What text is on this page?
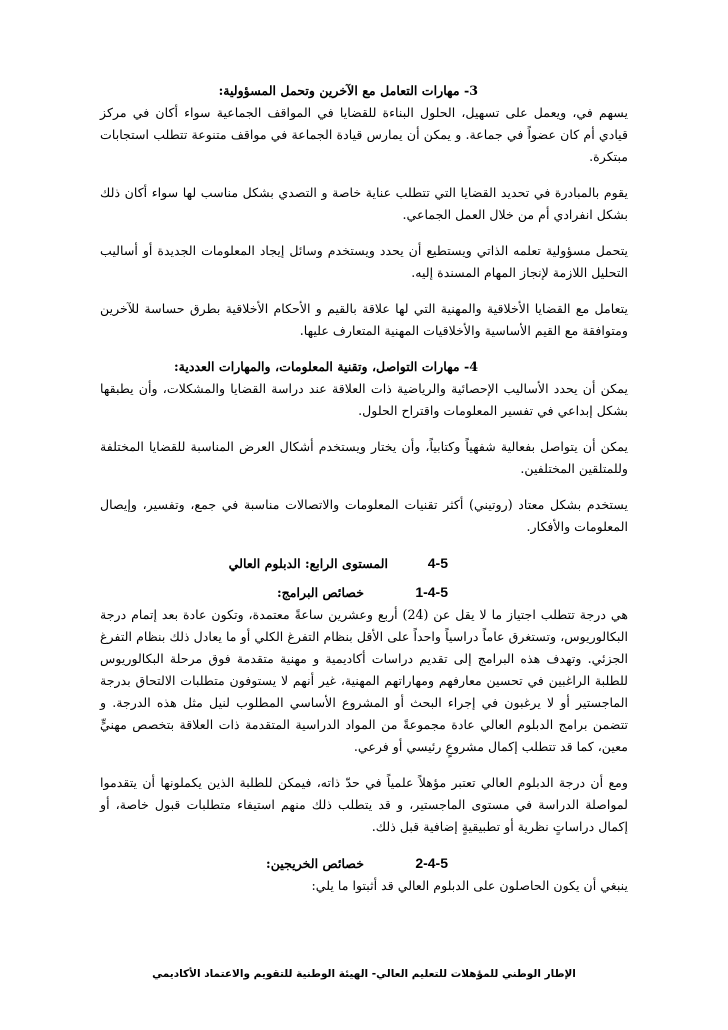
3- مهارات التعامل مع الآخرين وتحمل المسؤولية:

يسهم في، ويعمل على تسهيل، الحلول البناءة للقضايا في المواقف الجماعية سواء أكان في مركز قيادي أم كان عضواً في جماعة. و يمكن أن يمارس قيادة الجماعة في مواقف متنوعة تتطلب استجابات مبتكرة.

يقوم بالمبادرة في تحديد القضايا التي تتطلب عناية خاصة و التصدي بشكل مناسب لها سواء أكان ذلك بشكل انفرادي أم من خلال العمل الجماعي.

يتحمل مسؤولية تعلمه الذاتي ويستطيع أن يحدد ويستخدم وسائل إيجاد المعلومات الجديدة أو أساليب التحليل اللازمة لإنجاز المهام المسندة إليه.

يتعامل مع القضايا الأخلاقية والمهنية التي لها علاقة بالقيم و الأحكام الأخلاقية بطرق حساسة للآخرين ومتوافقة مع القيم الأساسية والأخلاقيات المهنية المتعارف عليها.

4- مهارات التواصل، وتقنية المعلومات، والمهارات العددية:

يمكن أن يحدد الأساليب الإحصائية والرياضية ذات العلاقة عند دراسة القضايا والمشكلات، وأن يطبقها بشكل إبداعي في تفسير المعلومات واقتراح الحلول.

يمكن أن يتواصل بفعالية شفهياً وكتابياً، وأن يختار ويستخدم أشكال العرض المناسبة للقضايا المختلفة وللمتلقين المختلفين.

يستخدم بشكل معتاد (روتيني) أكثر تقنيات المعلومات والاتصالات مناسبة في جمع، وتفسير، وإيصال المعلومات والأفكار.

4-5
المستوى الرابع: الدبلوم العالي
1-4-5
خصائص البرامج:

هي درجة تتطلب اجتياز ما لا يقل عن (24) أربع وعشرين ساعةً معتمدة، وتكون عادة بعد إتمام درجة البكالوريوس، وتستغرق عاماً دراسياً واحداً على الأقل بنظام التفرغ الكلي أو ما يعادل ذلك بنظام التفرغ الجزئي. وتهدف هذه البرامج إلى تقديم دراسات أكاديمية و مهنية متقدمة فوق مرحلة البكالوريوس للطلبة الراغبين في تحسين معارفهم ومهاراتهم المهنية، غير أنهم لا يستوفون متطلبات الالتحاق بدرجة الماجستير أو لا يرغبون في إجراء البحث أو المشروع الأساسي المطلوب لنيل مثل هذه الدرجة. و تتضمن برامج الدبلوم العالي عادة مجموعةً من المواد الدراسية المتقدمة ذات العلاقة بتخصص مهنيٍّ معين، كما قد تتطلب إكمال مشروعٍ رئيسي أو فرعي.

ومع أن درجة الدبلوم العالي تعتبر مؤهلاً علمياً في حدّ ذاته، فيمكن للطلبة الذين يكملونها أن يتقدموا لمواصلة الدراسة في مستوى الماجستير، و قد يتطلب ذلك منهم استيفاء متطلبات قبول خاصة، أو إكمال دراساتٍ نظرية أو تطبيقيةٍ إضافية قبل ذلك.

2-4-5
خصائص الخريجين:

ينبغي أن يكون الحاصلون على الدبلوم العالي قد أثبتوا ما يلي:

الإطار الوطني للمؤهلات للتعليم العالي- الهيئة الوطنية للتقويم والاعتماد الأكاديمي
